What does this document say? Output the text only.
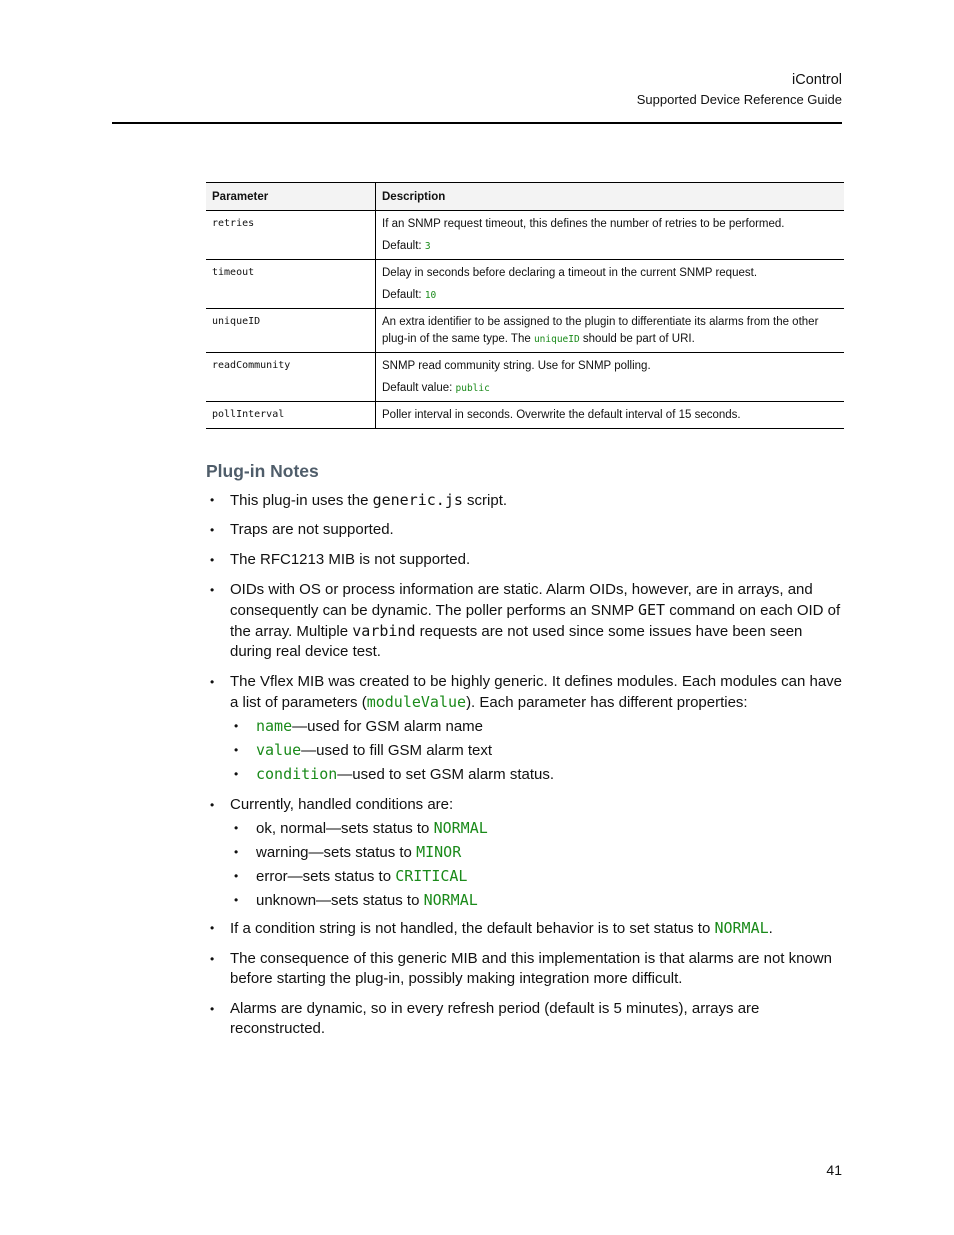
iControl
Supported Device Reference Guide
Parameter	Description
retries	If an SNMP request timeout, this defines the number of retries to be performed.
Default: 3

timeout	Delay in seconds before declaring a timeout in the current SNMP request.
Default: 10

uniqueID	An extra identifier to be assigned to the plugin to differentiate its alarms from the other plug-in of the same type. The uniqueID should be part of URI.
readCommunity	SNMP read community string. Use for SNMP polling.
Default value: public

pollInterval	Poller interval in seconds. Overwrite the default interval of 15 seconds.
Plug-in Notes
• This plug-in uses the generic.js script.
• Traps are not supported.
• The RFC1213 MIB is not supported.
• OIDs with OS or process information are static. Alarm OIDs, however, are in arrays, and consequently can be dynamic. The poller performs an SNMP GET command on each OID of the array. Multiple varbind requests are not used since some issues have been seen during real device test.
• The Vflex MIB was created to be highly generic. It defines modules. Each modules can have a list of parameters (moduleValue). Each parameter has different properties:
• name—used for GSM alarm name
• value—used to fill GSM alarm text
• condition—used to set GSM alarm status.
• Currently, handled conditions are:
• ok, normal—sets status to NORMAL
• warning—sets status to MINOR
• error—sets status to CRITICAL
• unknown—sets status to NORMAL
• If a condition string is not handled, the default behavior is to set status to NORMAL.
• The consequence of this generic MIB and this implementation is that alarms are not known before starting the plug-in, possibly making integration more difficult.
• Alarms are dynamic, so in every refresh period (default is 5 minutes), arrays are reconstructed.
41
